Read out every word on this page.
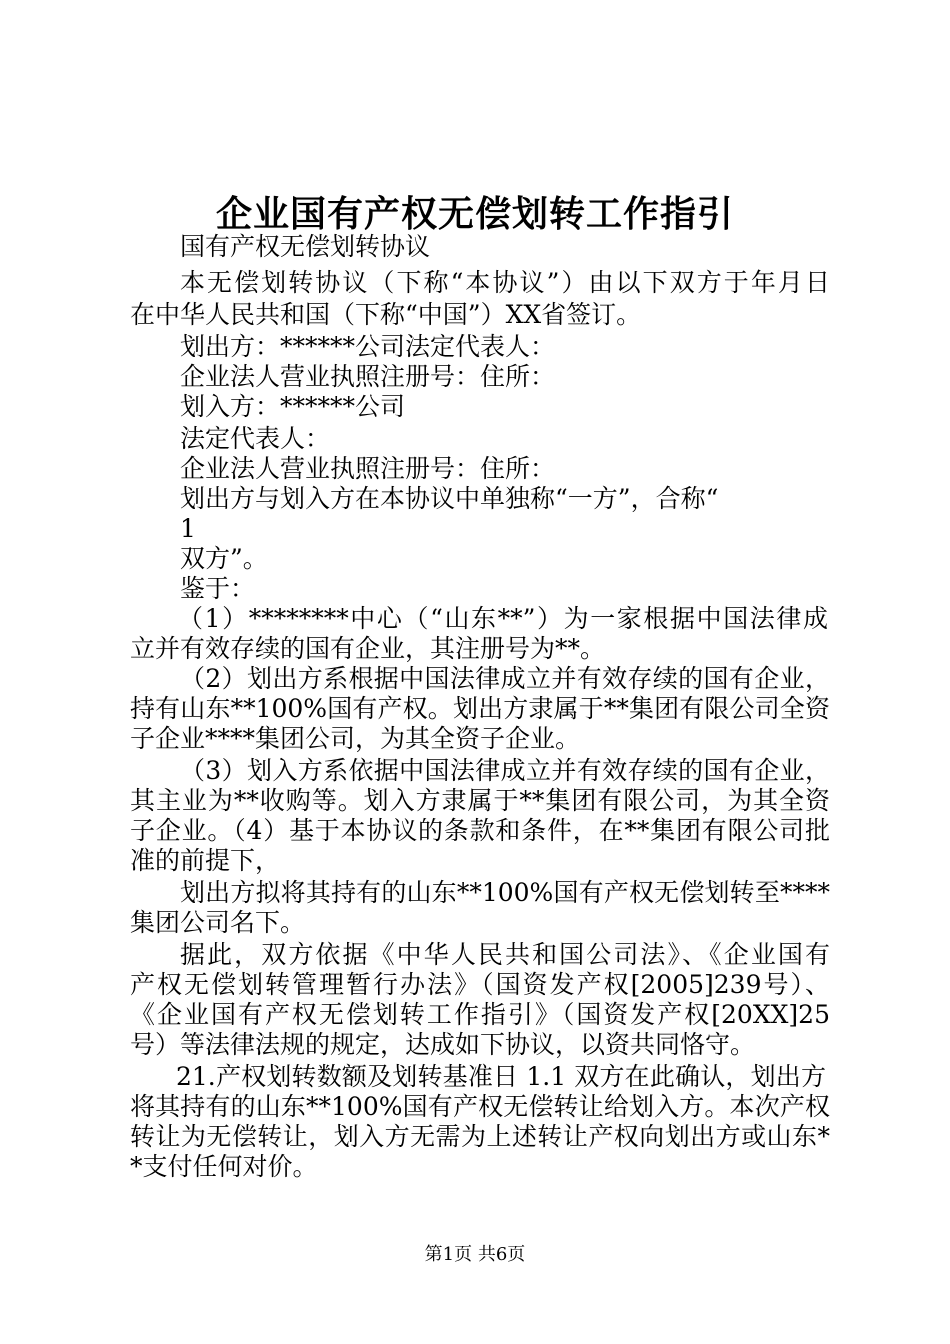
企业国有产权无偿划转工作指引
国有产权无偿划转协议
本无偿划转协议（下称“本协议”）由以下双方于年月日
在中华人民共和国（下称“中国”）XX省签订。
划出方：******公司法定代表人：
企业法人营业执照注册号：住所：
划入方：******公司
法定代表人：
企业法人营业执照注册号：住所：
划出方与划入方在本协议中单独称“一方”，合称“
1
双方”。
鉴于：
（1）********中心（“山东**”）为一家根据中国法律成
立并有效存续的国有企业，其注册号为**。
（2）划出方系根据中国法律成立并有效存续的国有企业，
持有山东**100%国有产权。划出方隶属于**集团有限公司全资
子企业****集团公司，为其全资子企业。
（3）划入方系依据中国法律成立并有效存续的国有企业，
其主业为**收购等。划入方隶属于**集团有限公司，为其全资
子企业。（4）基于本协议的条款和条件，在**集团有限公司批
准的前提下，
划出方拟将其持有的山东**100%国有产权无偿划转至****
集团公司名下。
据此，双方依据《中华人民共和国公司法》、《企业国有
产权无偿划转管理暂行办法》（国资发产权[2005]239号）、
《企业国有产权无偿划转工作指引》（国资发产权[20XX]25
号）等法律法规的规定，达成如下协议，以资共同恪守。
21.产权划转数额及划转基准日 1.1 双方在此确认，划出方
将其持有的山东**100%国有产权无偿转让给划入方。本次产权
转让为无偿转让，划入方无需为上述转让产权向划出方或山东*
*支付任何对价。
第1页 共6页
